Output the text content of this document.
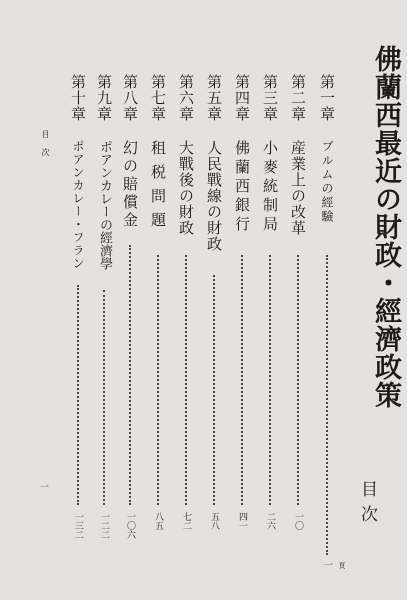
佛蘭西最近の財政・經濟政策
目次
第一章
ブルムの經驗
一 頁
第二章
産業上の改革
一〇
第三章
小麥統制局
二六
第四章
佛蘭西銀行
四一
第五章
人民戰線の財政
五八
第六章
大戰後の財政
七二
第七章
租税問題
八五
第八章
幻の賠償金
一〇六
第九章
ポアンカレーの經濟學
一二二
第十章
ポアンカレー・フラン
一三二
目次
一
